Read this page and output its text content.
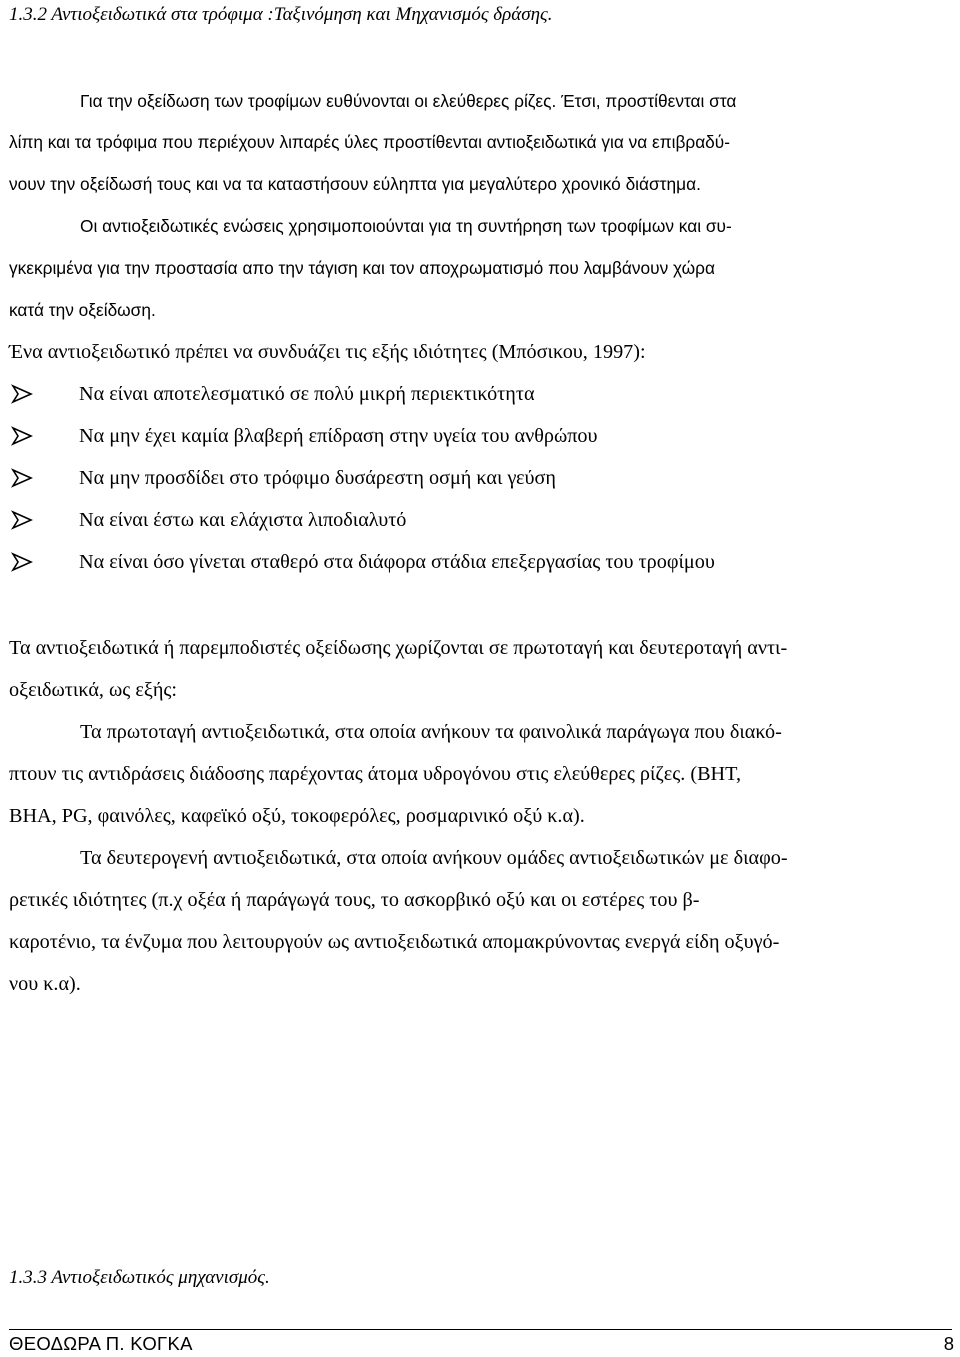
1.3.2 Αντιοξειδωτικά στα τρόφιμα :Ταξινόμηση και Μηχανισμός δράσης.
Για την οξείδωση των τροφίμων ευθύνονται οι ελεύθερες ρίζες. Έτσι, προστίθενται στα
λίπη και τα τρόφιμα που περιέχουν λιπαρές ύλες προστίθενται αντιοξειδωτικά για να επιβραδύ-
νουν την οξείδωσή τους και να τα καταστήσουν εύληπτα για μεγαλύτερο χρονικό διάστημα.
Οι αντιοξειδωτικές ενώσεις χρησιμοποιούνται για τη συντήρηση των τροφίμων και συ-
γκεκριμένα για την προστασία απο την τάγιση και τον αποχρωματισμό που λαμβάνουν χώρα
κατά την οξείδωση.
Ένα αντιοξειδωτικό πρέπει να συνδυάζει τις εξής ιδιότητες (Μπόσικου, 1997):
Να είναι αποτελεσματικό σε πολύ μικρή περιεκτικότητα
Να μην έχει καμία βλαβερή επίδραση στην υγεία του ανθρώπου
Να μην προσδίδει στο τρόφιμο δυσάρεστη οσμή και γεύση
Να είναι έστω και ελάχιστα λιποδιαλυτό
Να είναι όσο γίνεται σταθερό στα διάφορα στάδια επεξεργασίας του τροφίμου
Τα αντιοξειδωτικά ή παρεμποδιστές οξείδωσης χωρίζονται σε πρωτοταγή και δευτεροταγή αντι-
οξειδωτικά, ως εξής:
Τα πρωτοταγή αντιοξειδωτικά, στα οποία ανήκουν τα φαινολικά παράγωγα που διακό-
πτουν τις αντιδράσεις διάδοσης παρέχοντας άτομα υδρογόνου στις ελεύθερες ρίζες. (BHT,
BHA, PG, φαινόλες, καφεϊκό οξύ, τοκοφερόλες, ροσμαρινικό οξύ κ.α).
Τα δευτερογενή αντιοξειδωτικά, στα οποία ανήκουν ομάδες αντιοξειδωτικών με διαφο-
ρετικές ιδιότητες (π.χ οξέα ή παράγωγά τους, το ασκορβικό οξύ και οι εστέρες του β-
καροτένιο, τα ένζυμα που λειτουργούν ως αντιοξειδωτικά απομακρύνοντας ενεργά είδη οξυγό-
νου κ.α).
1.3.3 Αντιοξειδωτικός μηχανισμός.
ΘΕΟΔΩΡΑ Π. ΚΟΓΚΑ	8
